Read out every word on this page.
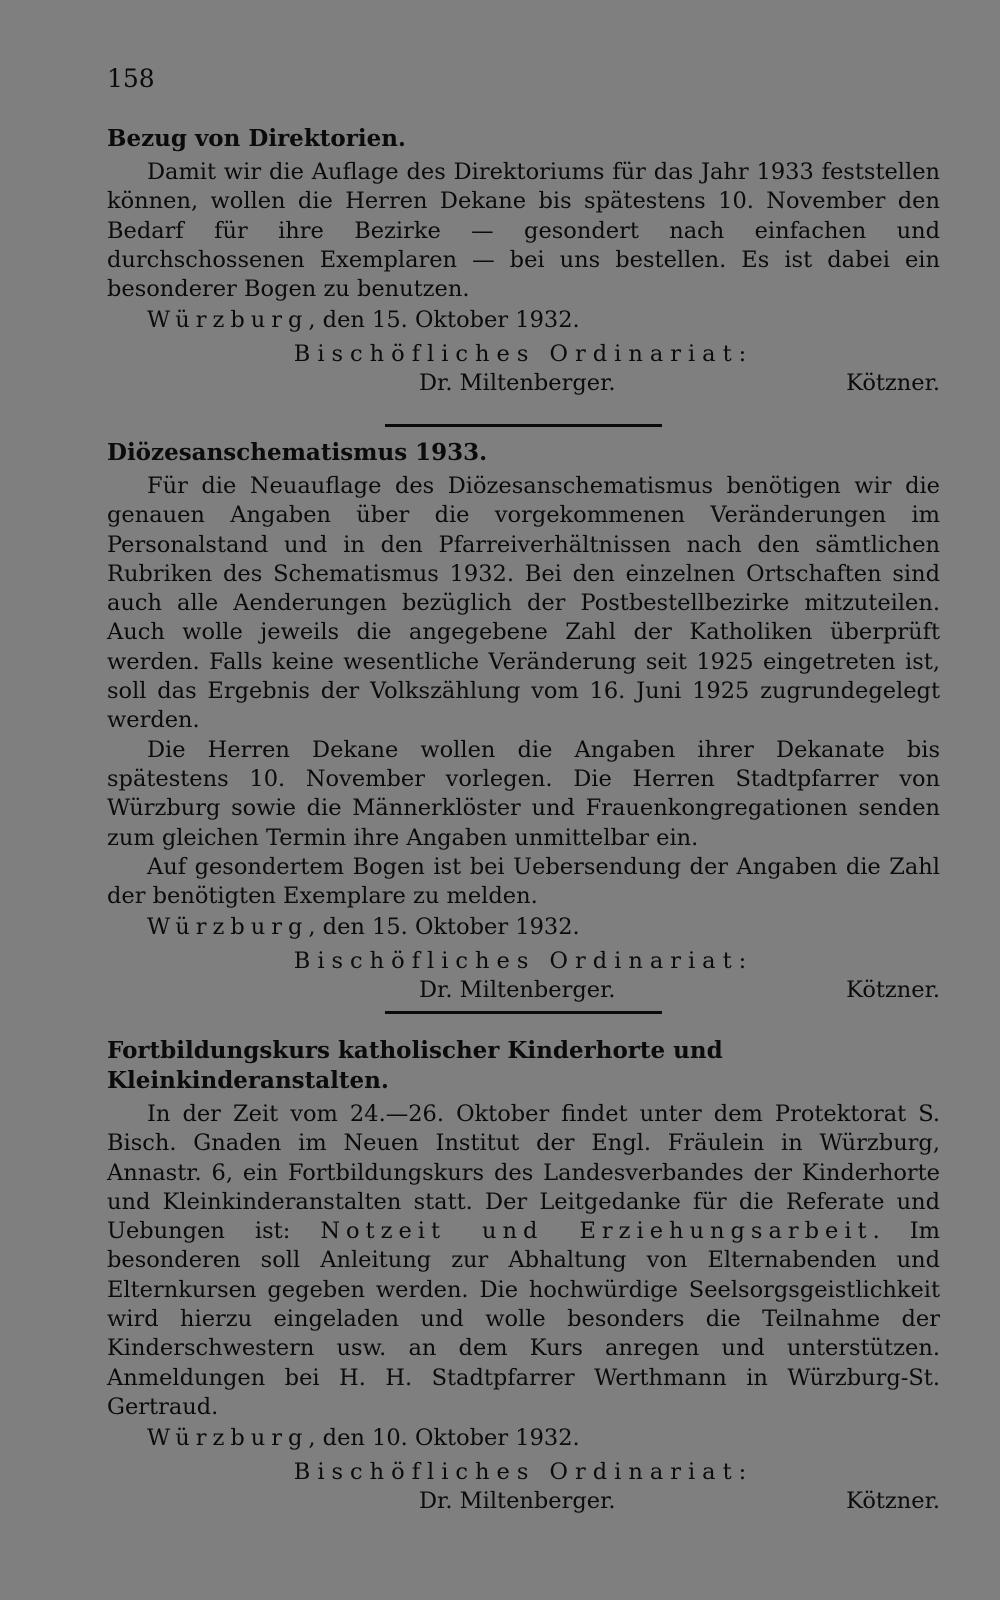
158
Bezug von Direktorien.

Damit wir die Auflage des Direktoriums für das Jahr 1933 feststellen können, wollen die Herren Dekane bis spätestens 10. November den Bedarf für ihre Bezirke — gesondert nach einfachen und durchschossenen Exemplaren — bei uns bestellen. Es ist dabei ein besonderer Bogen zu benutzen.

Würzburg, den 15. Oktober 1932.
Bischöfliches Ordinariat:
Dr. Miltenberger.	Kötzner.
Diözesanschematismus 1933.

Für die Neuauflage des Diözesanschematismus benötigen wir die genauen Angaben über die vorgekommenen Veränderungen im Personalstand und in den Pfarreiverhältnissen nach den sämtlichen Rubriken des Schematismus 1932. Bei den einzelnen Ortschaften sind auch alle Aenderungen bezüglich der Postbestellbezirke mitzuteilen. Auch wolle jeweils die angegebene Zahl der Katholiken überprüft werden. Falls keine wesentliche Veränderung seit 1925 eingetreten ist, soll das Ergebnis der Volkszählung vom 16. Juni 1925 zugrundegelegt werden.

Die Herren Dekane wollen die Angaben ihrer Dekanate bis spätestens 10. November vorlegen. Die Herren Stadtpfarrer von Würzburg sowie die Männerklöster und Frauenkongregationen senden zum gleichen Termin ihre Angaben unmittelbar ein.

Auf gesondertem Bogen ist bei Uebersendung der Angaben die Zahl der benötigten Exemplare zu melden.

Würzburg, den 15. Oktober 1932.
Bischöfliches Ordinariat:
Dr. Miltenberger.	Kötzner.
Fortbildungskurs katholischer Kinderhorte und Kleinkinderanstalten.

In der Zeit vom 24.—26. Oktober findet unter dem Protektorat S. Bisch. Gnaden im Neuen Institut der Engl. Fräulein in Würzburg, Annastr. 6, ein Fortbildungskurs des Landesverbandes der Kinderhorte und Kleinkinderanstalten statt. Der Leitgedanke für die Referate und Uebungen ist: Notzeit und Erziehungsarbeit. Im besonderen soll Anleitung zur Abhaltung von Elternabenden und Elternkursen gegeben werden. Die hochwürdige Seelsorgsgeistlichkeit wird hierzu eingeladen und wolle besonders die Teilnahme der Kinderschwestern usw. an dem Kurs anregen und unterstützen. Anmeldungen bei H. H. Stadtpfarrer Werthmann in Würzburg-St. Gertraud.

Würzburg, den 10. Oktober 1932.
Bischöfliches Ordinariat:
Dr. Miltenberger.	Kötzner.
